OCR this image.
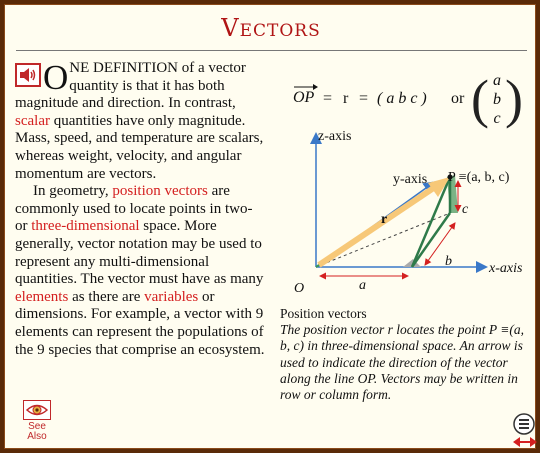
Vectors

ONE DEFINITION of a vector quantity is that it has both magnitude and direction. In contrast, scalar quantities have only magnitude. Mass, speed, and temperature are scalars, whereas weight, velocity, and angular momentum are vectors.

In geometry, position vectors are commonly used to locate points in two- or three-dimensional space. More generally, vector notation may be used to represent any multi-dimensional quantities. The vector must have as many elements as there are variables or dimensions. For example, a vector with 9 elements can represent the populations of the 9 species that comprise an ecosystem.

See
Also
OP = r = ( a b c ) or ( a
b
c )
z-axis
y-axis
x-axis
P ≡(a, b, c)
O
r
a
b
c

Position vectors

The position vector r locates the point P ≡(a, b, c) in three-dimensional space. An arrow is used to indicate the direction of the vector along the line OP. Vectors may be written in row or column form.
